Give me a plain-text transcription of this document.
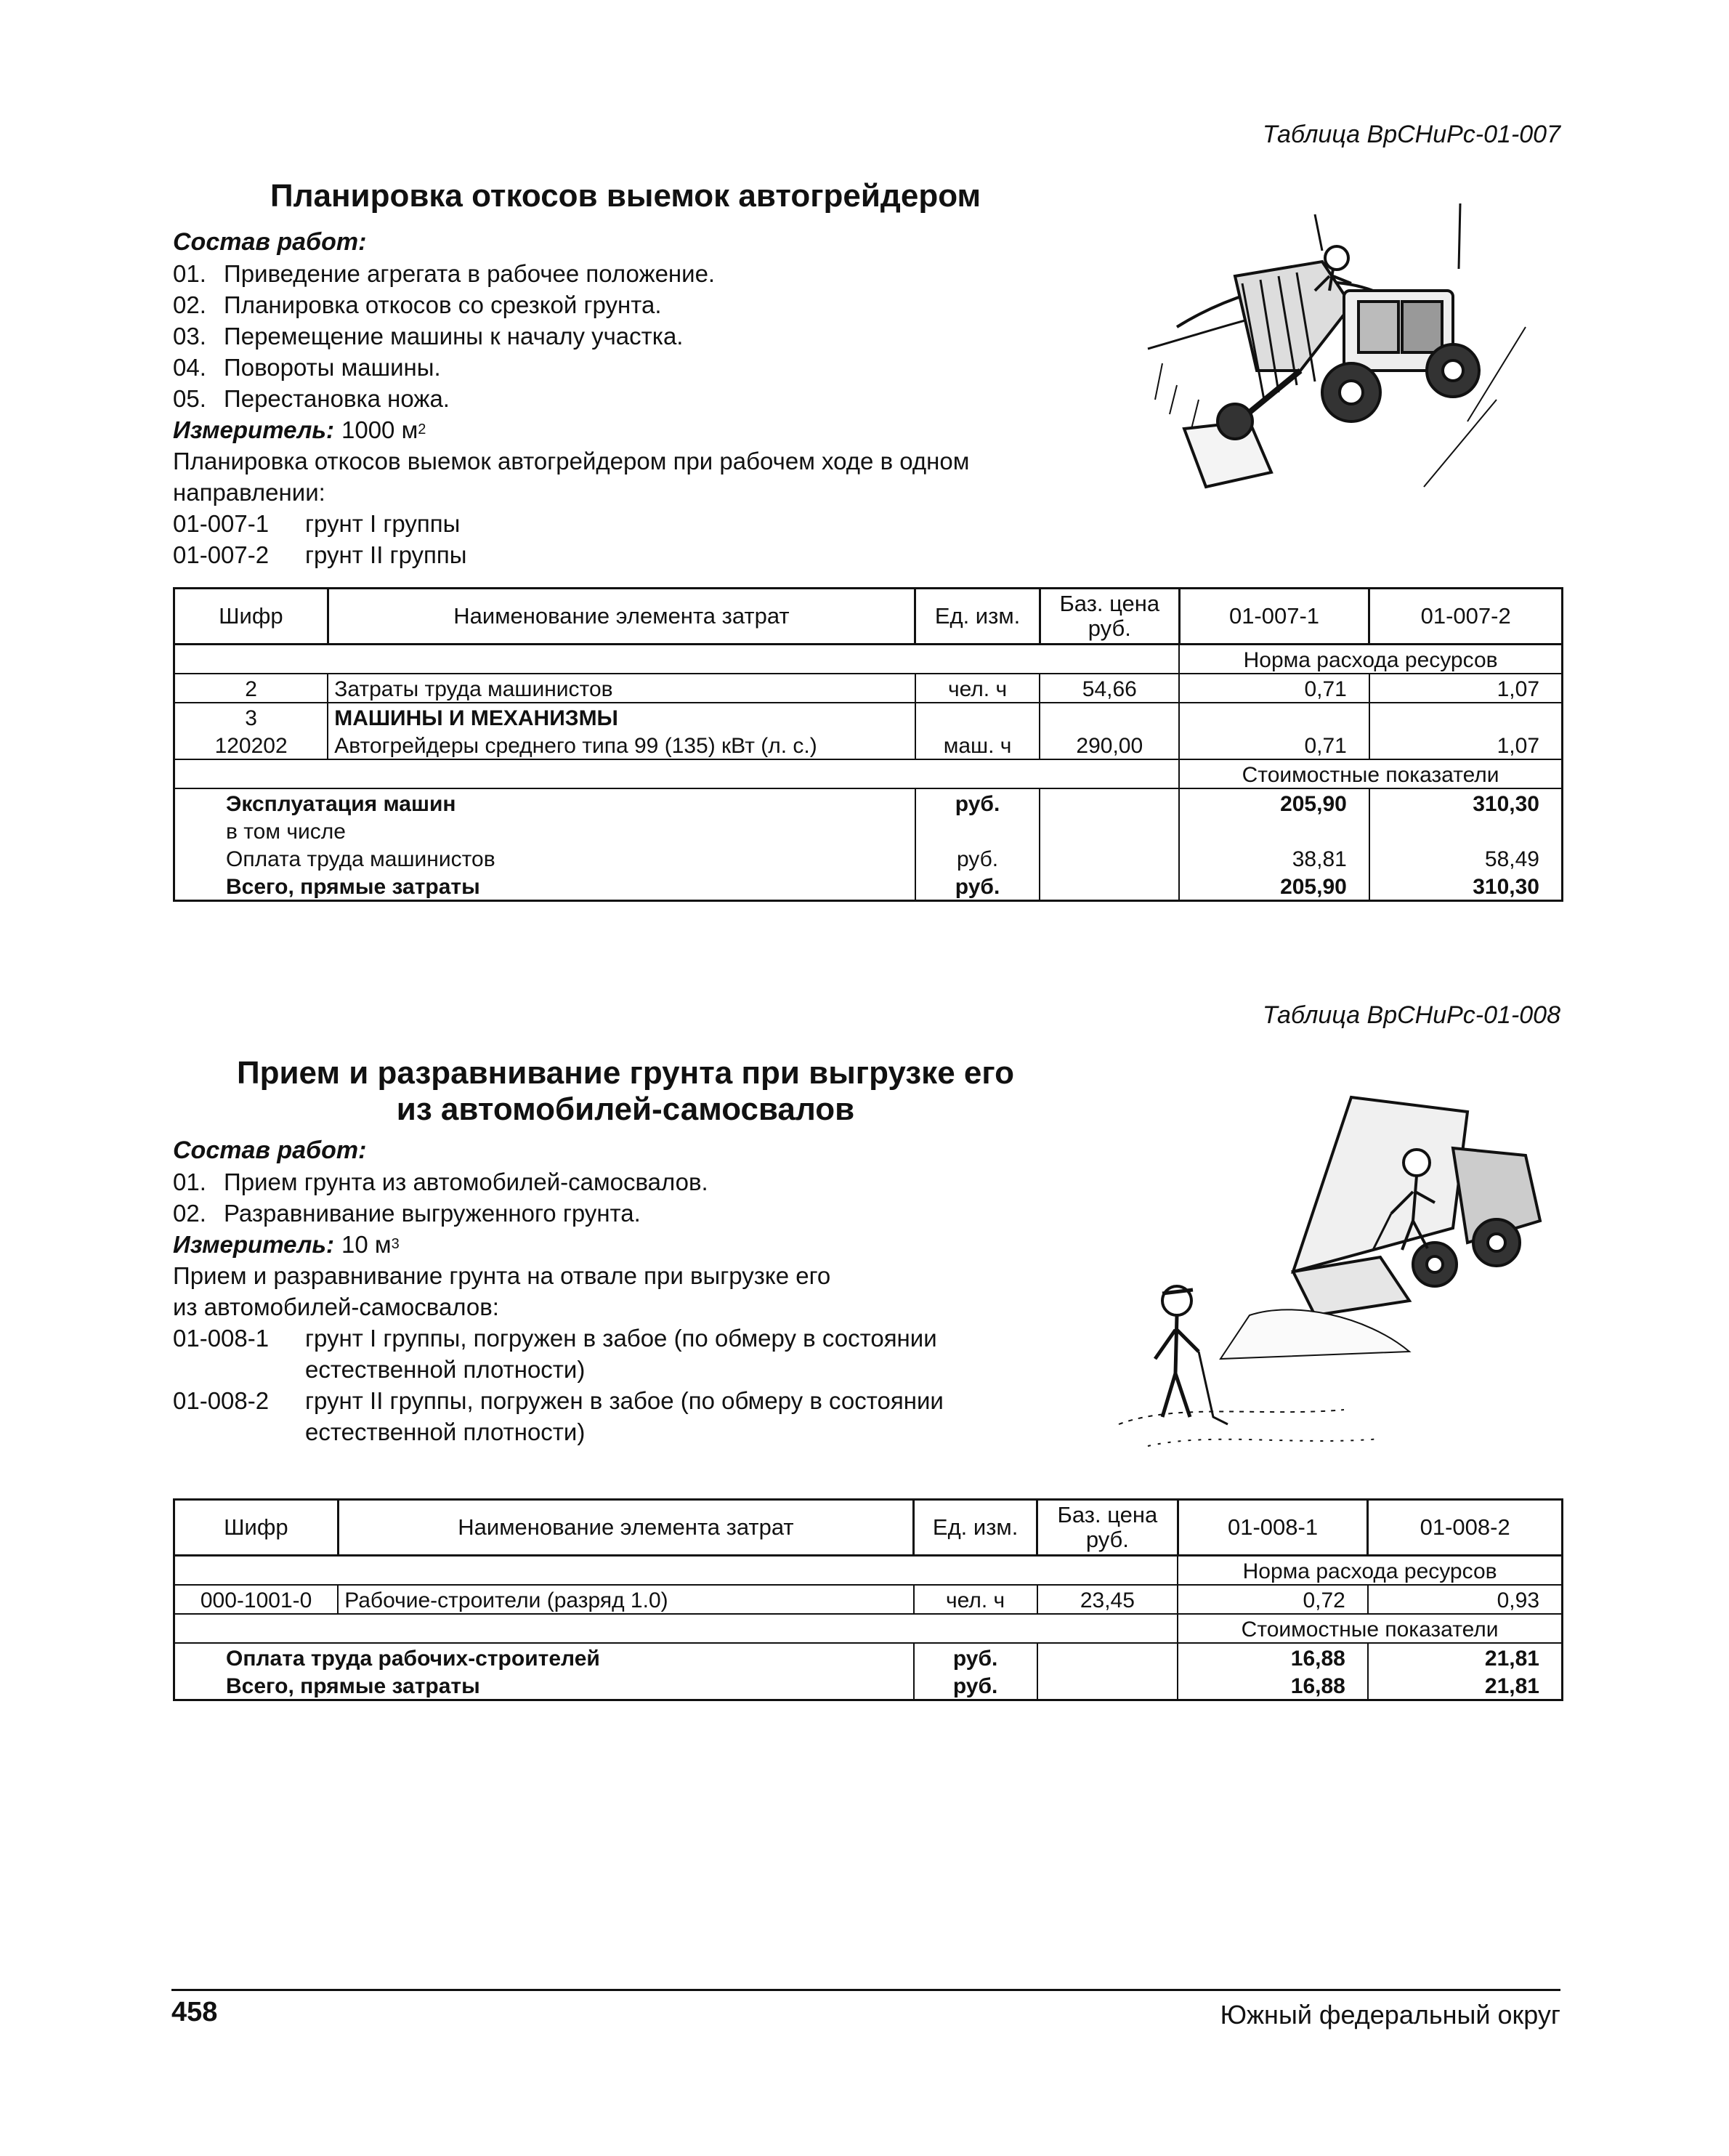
Таблица ВрСНиРс-01-007
Планировка откосов выемок автогрейдером
Состав работ:
01. Приведение агрегата в рабочее положение.
02. Планировка откосов со срезкой грунта.
03. Перемещение машины к началу участка.
04. Повороты машины.
05. Перестановка ножа.
Измеритель: 1000 м 2
Планировка откосов выемок автогрейдером при рабочем ходе в одном
направлении:
01-007-1	грунт I группы
01-007-2	грунт II группы
Шифр	Наименование элемента затрат	Ед. изм.	Баз. цена руб.	01-007-1	01-007-2
				Норма расхода ресурсов	
2	Затраты труда машинистов	чел. ч	54,66	0,71	1,07
3	МАШИНЫ И МЕХАНИЗМЫ				
120202	Автогрейдеры среднего типа 99 (135) кВт (л. с.)	маш. ч	290,00	0,71	1,07
				Стоимостные показатели	
Эксплуатация машин		руб.		205,90	310,30
в том числе					
Оплата труда машинистов		руб.		38,81	58,49
Всего, прямые затраты		руб.		205,90	310,30
Таблица ВрСНиРс-01-008
Прием и разравнивание грунта при выгрузке его
из автомобилей-самосвалов
Состав работ:
01. Прием грунта из автомобилей-самосвалов.
02. Разравнивание выгруженного грунта.
Измеритель: 10 м 3
Прием и разравнивание грунта на отвале при выгрузке его
из автомобилей-самосвалов:
01-008-1	грунт I группы, погружен в забое (по обмеру в состоянии
естественной плотности)
01-008-2	грунт II группы, погружен в забое (по обмеру в состоянии
естественной плотности)
Шифр	Наименование элемента затрат	Ед. изм.	Баз. цена руб.	01-008-1	01-008-2
				Норма расхода ресурсов	
000-1001-0	Рабочие-строители (разряд 1.0)	чел. ч	23,45	0,72	0,93
				Стоимостные показатели	
Оплата труда рабочих-строителей		руб.		16,88	21,81
Всего, прямые затраты		руб.		16,88	21,81
458	Южный федеральный округ
